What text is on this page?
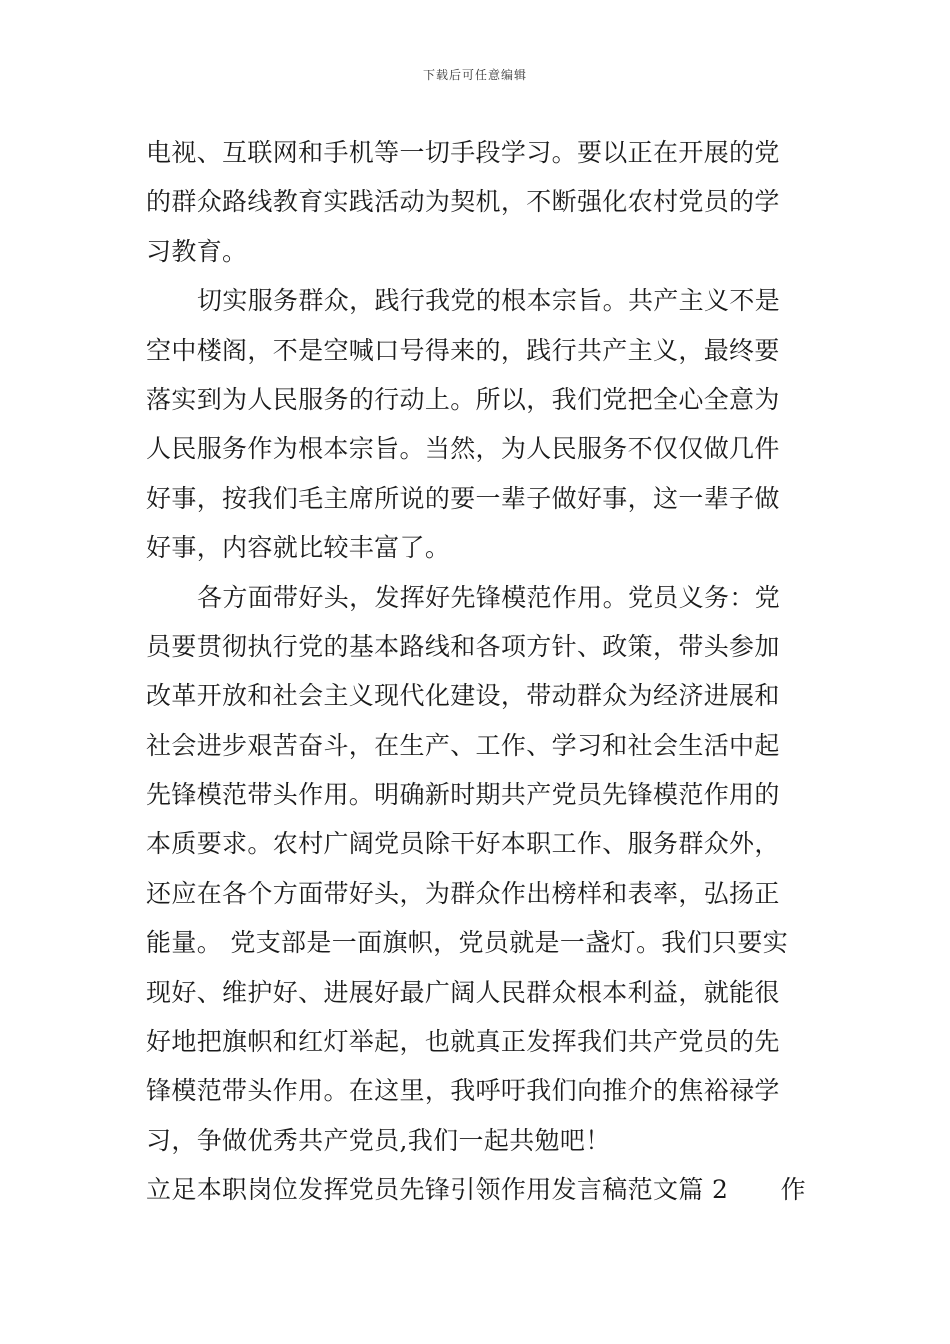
下载后可任意编辑
电视、互联网和手机等一切手段学习。要以正在开展的党
的群众路线教育实践活动为契机，不断强化农村党员的学
习教育。
切实服务群众，践行我党的根本宗旨。共产主义不是
空中楼阁，不是空喊口号得来的，践行共产主义，最终要
落实到为人民服务的行动上。所以，我们党把全心全意为
人民服务作为根本宗旨。当然，为人民服务不仅仅做几件
好事，按我们毛主席所说的要一辈子做好事，这一辈子做
好事，内容就比较丰富了。
各方面带好头，发挥好先锋模范作用。党员义务：党
员要贯彻执行党的基本路线和各项方针、政策，带头参加
改革开放和社会主义现代化建设，带动群众为经济进展和
社会进步艰苦奋斗，在生产、工作、学习和社会生活中起
先锋模范带头作用。明确新时期共产党员先锋模范作用的
本质要求。农村广阔党员除干好本职工作、服务群众外，
还应在各个方面带好头，为群众作出榜样和表率，弘扬正
能量。 党支部是一面旗帜，党员就是一盏灯。我们只要实
现好、维护好、进展好最广阔人民群众根本利益，就能很
好地把旗帜和红灯举起，也就真正发挥我们共产党员的先
锋模范带头作用。在这里，我呼吁我们向推介的焦裕禄学
习，争做优秀共产党员,我们一起共勉吧！
立足本职岗位发挥党员先锋引领作用发言稿范文篇 2 作
